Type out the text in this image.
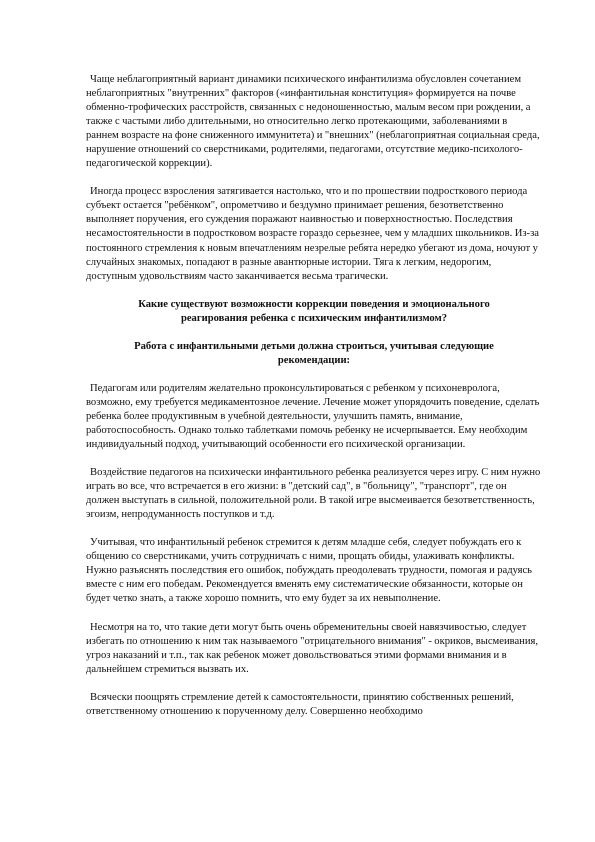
Чаще неблагоприятный вариант динамики психического инфантилизма обусловлен сочетанием неблагоприятных "внутренних" факторов («инфантильная конституция» формируется на почве обменно-трофических расстройств, связанных с недоношенностью, малым весом при рождении, а также с частыми либо длительными, но относительно легко протекающими, заболеваниями в раннем возрасте на фоне сниженного иммунитета) и "внешних" (неблагоприятная социальная среда, нарушение отношений со сверстниками, родителями, педагогами, отсутствие медико-психолого-педагогической коррекции).

Иногда процесс взросления затягивается настолько, что и по прошествии подросткового периода субъект остается "ребёнком", опрометчиво и бездумно принимает решения, безответственно выполняет поручения, его суждения поражают наивностью и поверхностностью. Последствия несамостоятельности в подростковом возрасте гораздо серьезнее, чем у младших школьников. Из-за постоянного стремления к новым впечатлениям незрелые ребята нередко убегают из дома, ночуют у случайных знакомых, попадают в разные авантюрные истории. Тяга к легким, недорогим, доступным удовольствиям часто заканчивается весьма трагически.

Какие существуют возможности коррекции поведения и эмоционального реагирования ребенка с психическим инфантилизмом?

Работа с инфантильными детьми должна строиться, учитывая следующие рекомендации:

Педагогам или родителям желательно проконсультироваться с ребенком у психоневролога, возможно, ему требуется медикаментозное лечение. Лечение может упорядочить поведение, сделать ребенка более продуктивным в учебной деятельности, улучшить память, внимание, работоспособность. Однако только таблетками помочь ребенку не исчерпывается. Ему необходим индивидуальный подход, учитывающий особенности его психической организации.

Воздействие педагогов на психически инфантильного ребенка реализуется через игру. С ним нужно играть во все, что встречается в его жизни: в "детский сад", в "больницу", "транспорт", где он должен выступать в сильной, положительной роли. В такой игре высмеивается безответственность, эгоизм, непродуманность поступков и т.д.

Учитывая, что инфантильный ребенок стремится к детям младше себя, следует побуждать его к общению со сверстниками, учить сотрудничать с ними, прощать обиды, улаживать конфликты. Нужно разъяснять последствия его ошибок, побуждать преодолевать трудности, помогая и радуясь вместе с ним его победам. Рекомендуется вменять ему систематические обязанности, которые он будет четко знать, а также хорошо помнить, что ему будет за их невыполнение.

Несмотря на то, что такие дети могут быть очень обременительны своей навязчивостью, следует избегать по отношению к ним так называемого "отрицательного внимания" - окриков, высмеивания, угроз наказаний и т.п., так как ребенок может довольствоваться этими формами внимания и в дальнейшем стремиться вызвать их.

Всячески поощрять стремление детей к самостоятельности, принятию собственных решений, ответственному отношению к порученному делу. Совершенно необходимо
